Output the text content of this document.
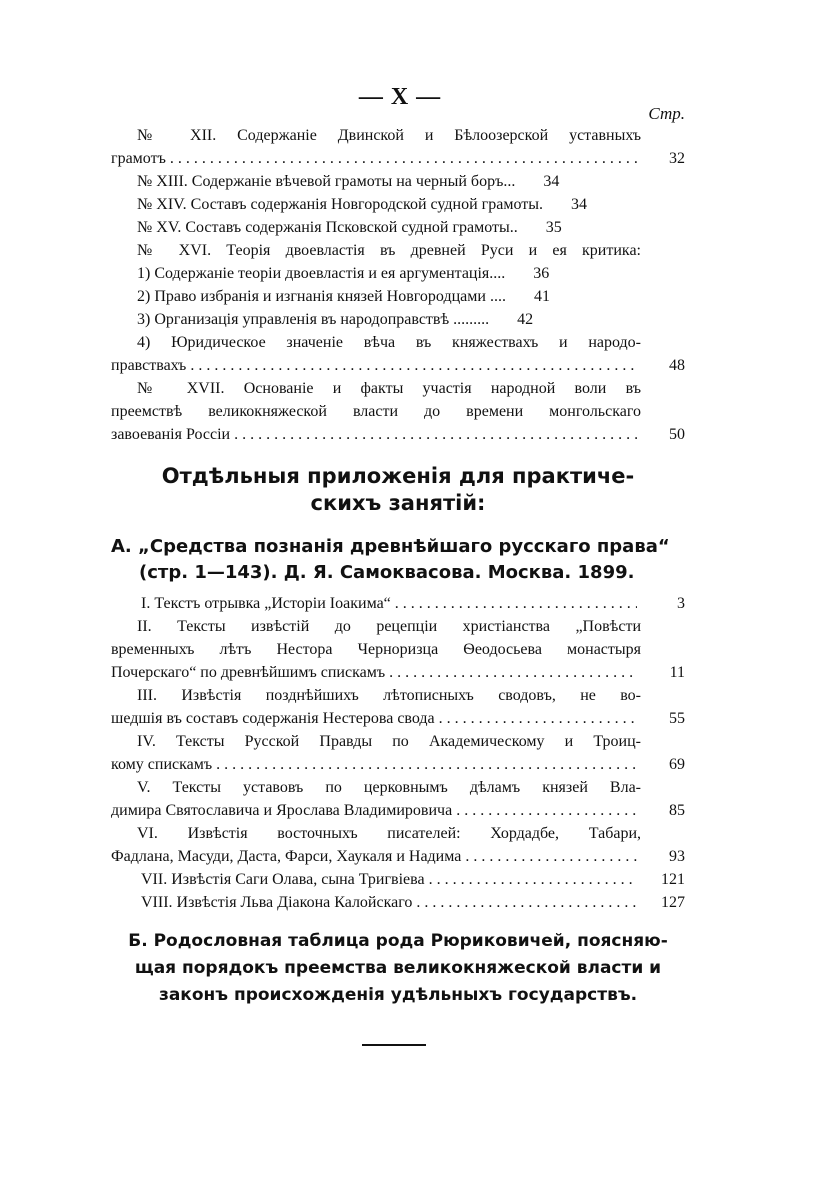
— X —
Стр.
№ XII. Содержаніе Двинской и Бѣлоозерской уставныхъ
грамотъ . . .	32
№ XIII. Содержаніе вѣчевой грамоты на черный боръ...	34
№ XIV. Составъ содержанія Новгородской судной грамоты.	34
№ XV. Составъ содержанія Псковской судной грамоты..	35
№ XVI. Теорія двоевластія въ древней Руси и ея критика:
1) Содержаніе теоріи двоевластія и ея аргументація....	36
2) Право избранія и изгнанія князей Новгородцами ....	41
3) Организація управленія въ народоправствѣ .........	42
4) Юридическое значеніе вѣча въ княжествахъ и народо-
правствахъ . . .	48
№ XVII. Основаніе и факты участія народной воли въ
преемствѣ великокняжеской власти до времени монгольскаго
завоеванія Россіи . . .	50
Отдѣльныя приложенія для практиче-
скихъ занятій:
А. „Средства познанія древнѣйшаго русскаго права“
(стр. 1—143). Д. Я. Самоквасова. Москва. 1899.
I. Текстъ отрывка „Исторіи Іоакима“ . . .	3
II. Тексты извѣстій до рецепціи христіанства „Повѣсти
временныхъ лѣтъ Нестора Черноризца Ѳеодосьева монастыря
Почерскаго“ по древнѣйшимъ спискамъ . . .	11
III. Извѣстія позднѣйшихъ лѣтописныхъ сводовъ, не во-
шедшія въ составъ содержанія Нестерова свода . . .	55
IV. Тексты Русской Правды по Академическому и Троиц-
кому спискамъ . . .	69
V. Тексты уставовъ по церковнымъ дѣламъ князей Вла-
димира Святославича и Ярослава Владимировича . . .	85
VI. Извѣстія восточныхъ писателей: Хордадбе, Табари,
Фадлана, Масуди, Даста, Фарси, Хаукаля и Надима . . .	93
VII. Извѣстія Саги Олава, сына Тригвіева . . .	121
VIII. Извѣстія Льва Діакона Калойскаго . . .	127
Б. Родословная таблица рода Рюриковичей, поясняю-
щая порядокъ преемства великокняжеской власти и
законъ происхожденія удѣльныхъ государствъ.
